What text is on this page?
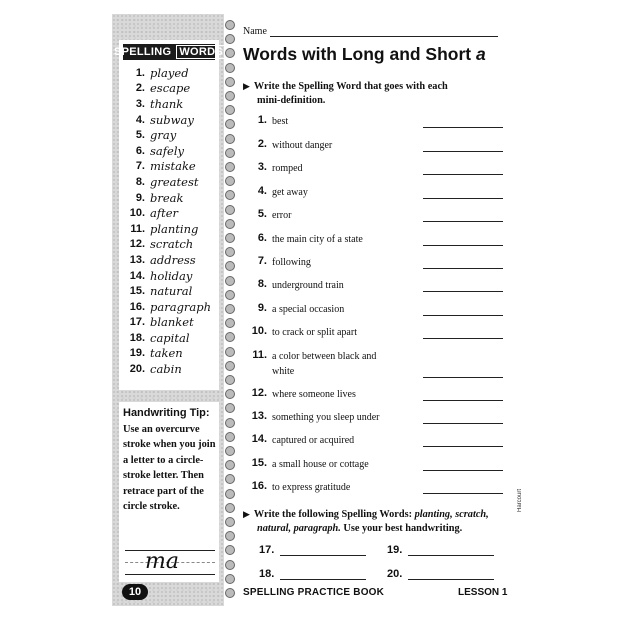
SPELLING WORDS
1. played
2. escape
3. thank
4. subway
5. gray
6. safely
7. mistake
8. greatest
9. break
10. after
11. planting
12. scratch
13. address
14. holiday
15. natural
16. paragraph
17. blanket
18. capital
19. taken
20. cabin
Handwriting Tip: Use an overcurve stroke when you join a letter to a circle-stroke letter. Then retrace part of the circle stroke.
ma
10
Name
Words with Long and Short a
▶ Write the Spelling Word that goes with each
mini-definition.
1. best
2. without danger
3. romped
4. get away
5. error
6. the main city of a state
7. following
8. underground train
9. a special occasion
10. to crack or split apart
11. a color between black and white
12. where someone lives
13. something you sleep under
14. captured or acquired
15. a small house or cottage
16. to express gratitude
▶ Write the following Spelling Words: planting, scratch,
natural, paragraph. Use your best handwriting.
17.	19.
18.	20.
SPELLING PRACTICE BOOK	LESSON 1
Harcourt
